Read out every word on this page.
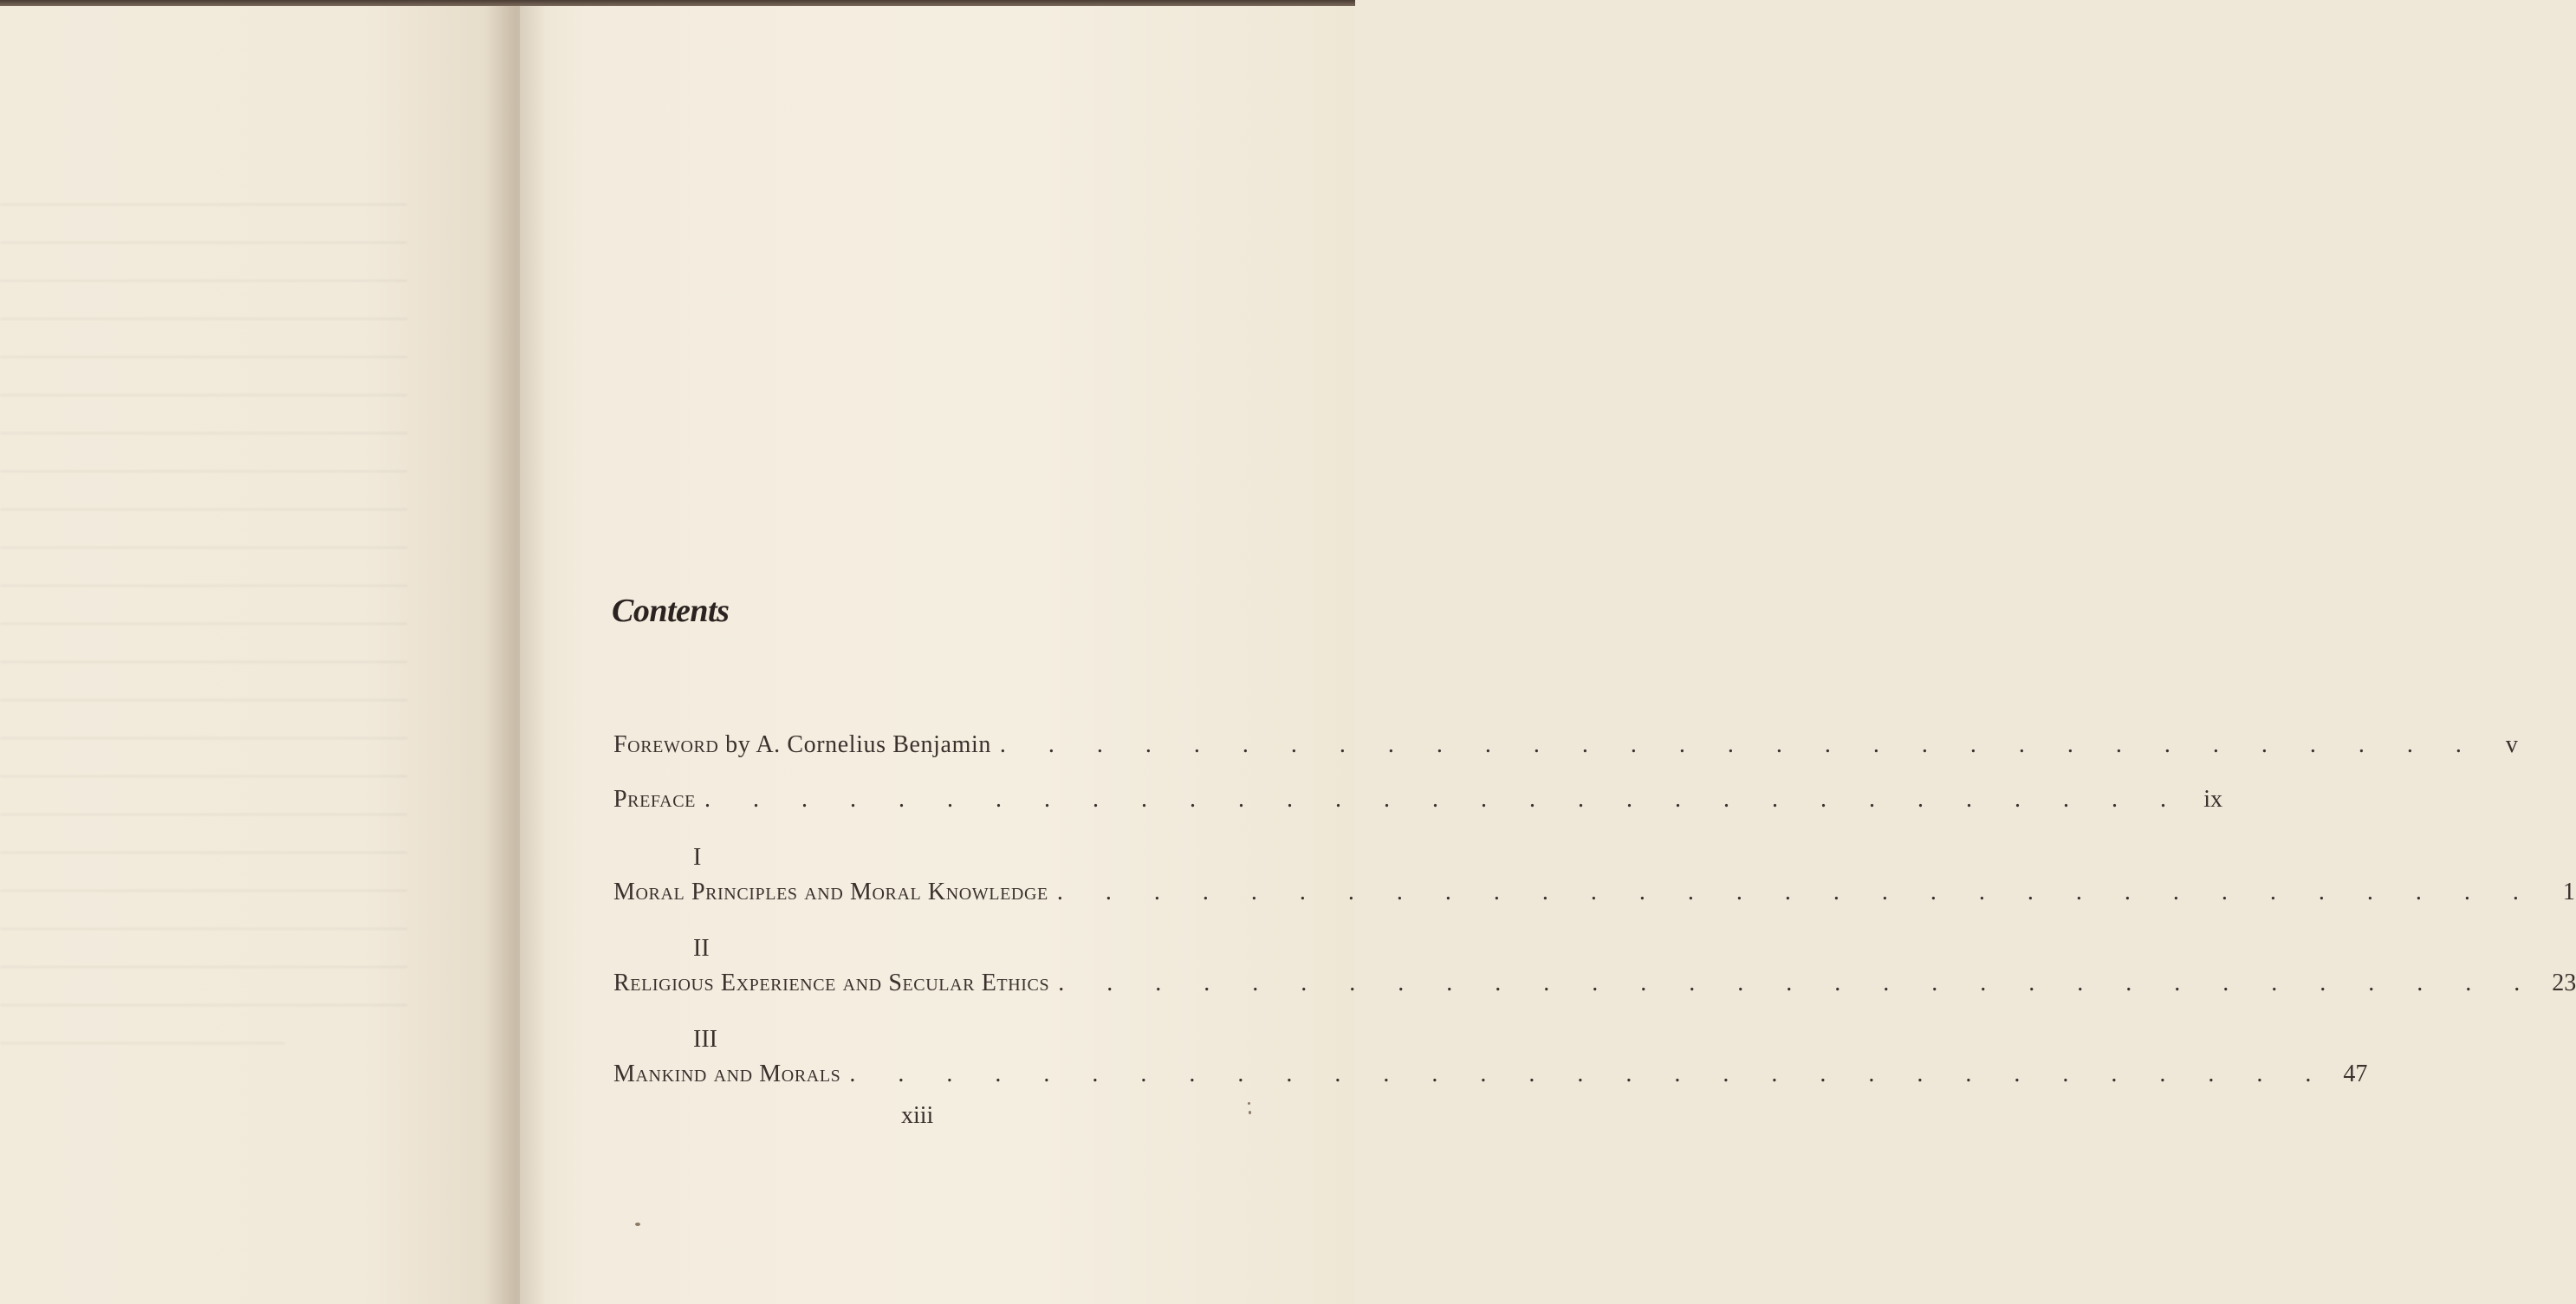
Contents
Foreword by A. Cornelius Benjamin . . . . . . . . . . . . . . . . . . . . . . . . . . . . . . .	v
Preface . . . . . . . . . . . . . . . . . . . . . . . . . . . . . . . ix
I
Moral Principles and Moral Knowledge . . . . . . . . . . . . . . . . . . . . . . . . . . . . . . .	1
II
Religious Experience and Secular Ethics . . . . . . . . . . . . . . . . . . . . . . . . . . . . . . . 23
III
Mankind and Morals . . . . . . . . . . . . . . . . . . . . . . . . . . . . . . . 47
xiii
